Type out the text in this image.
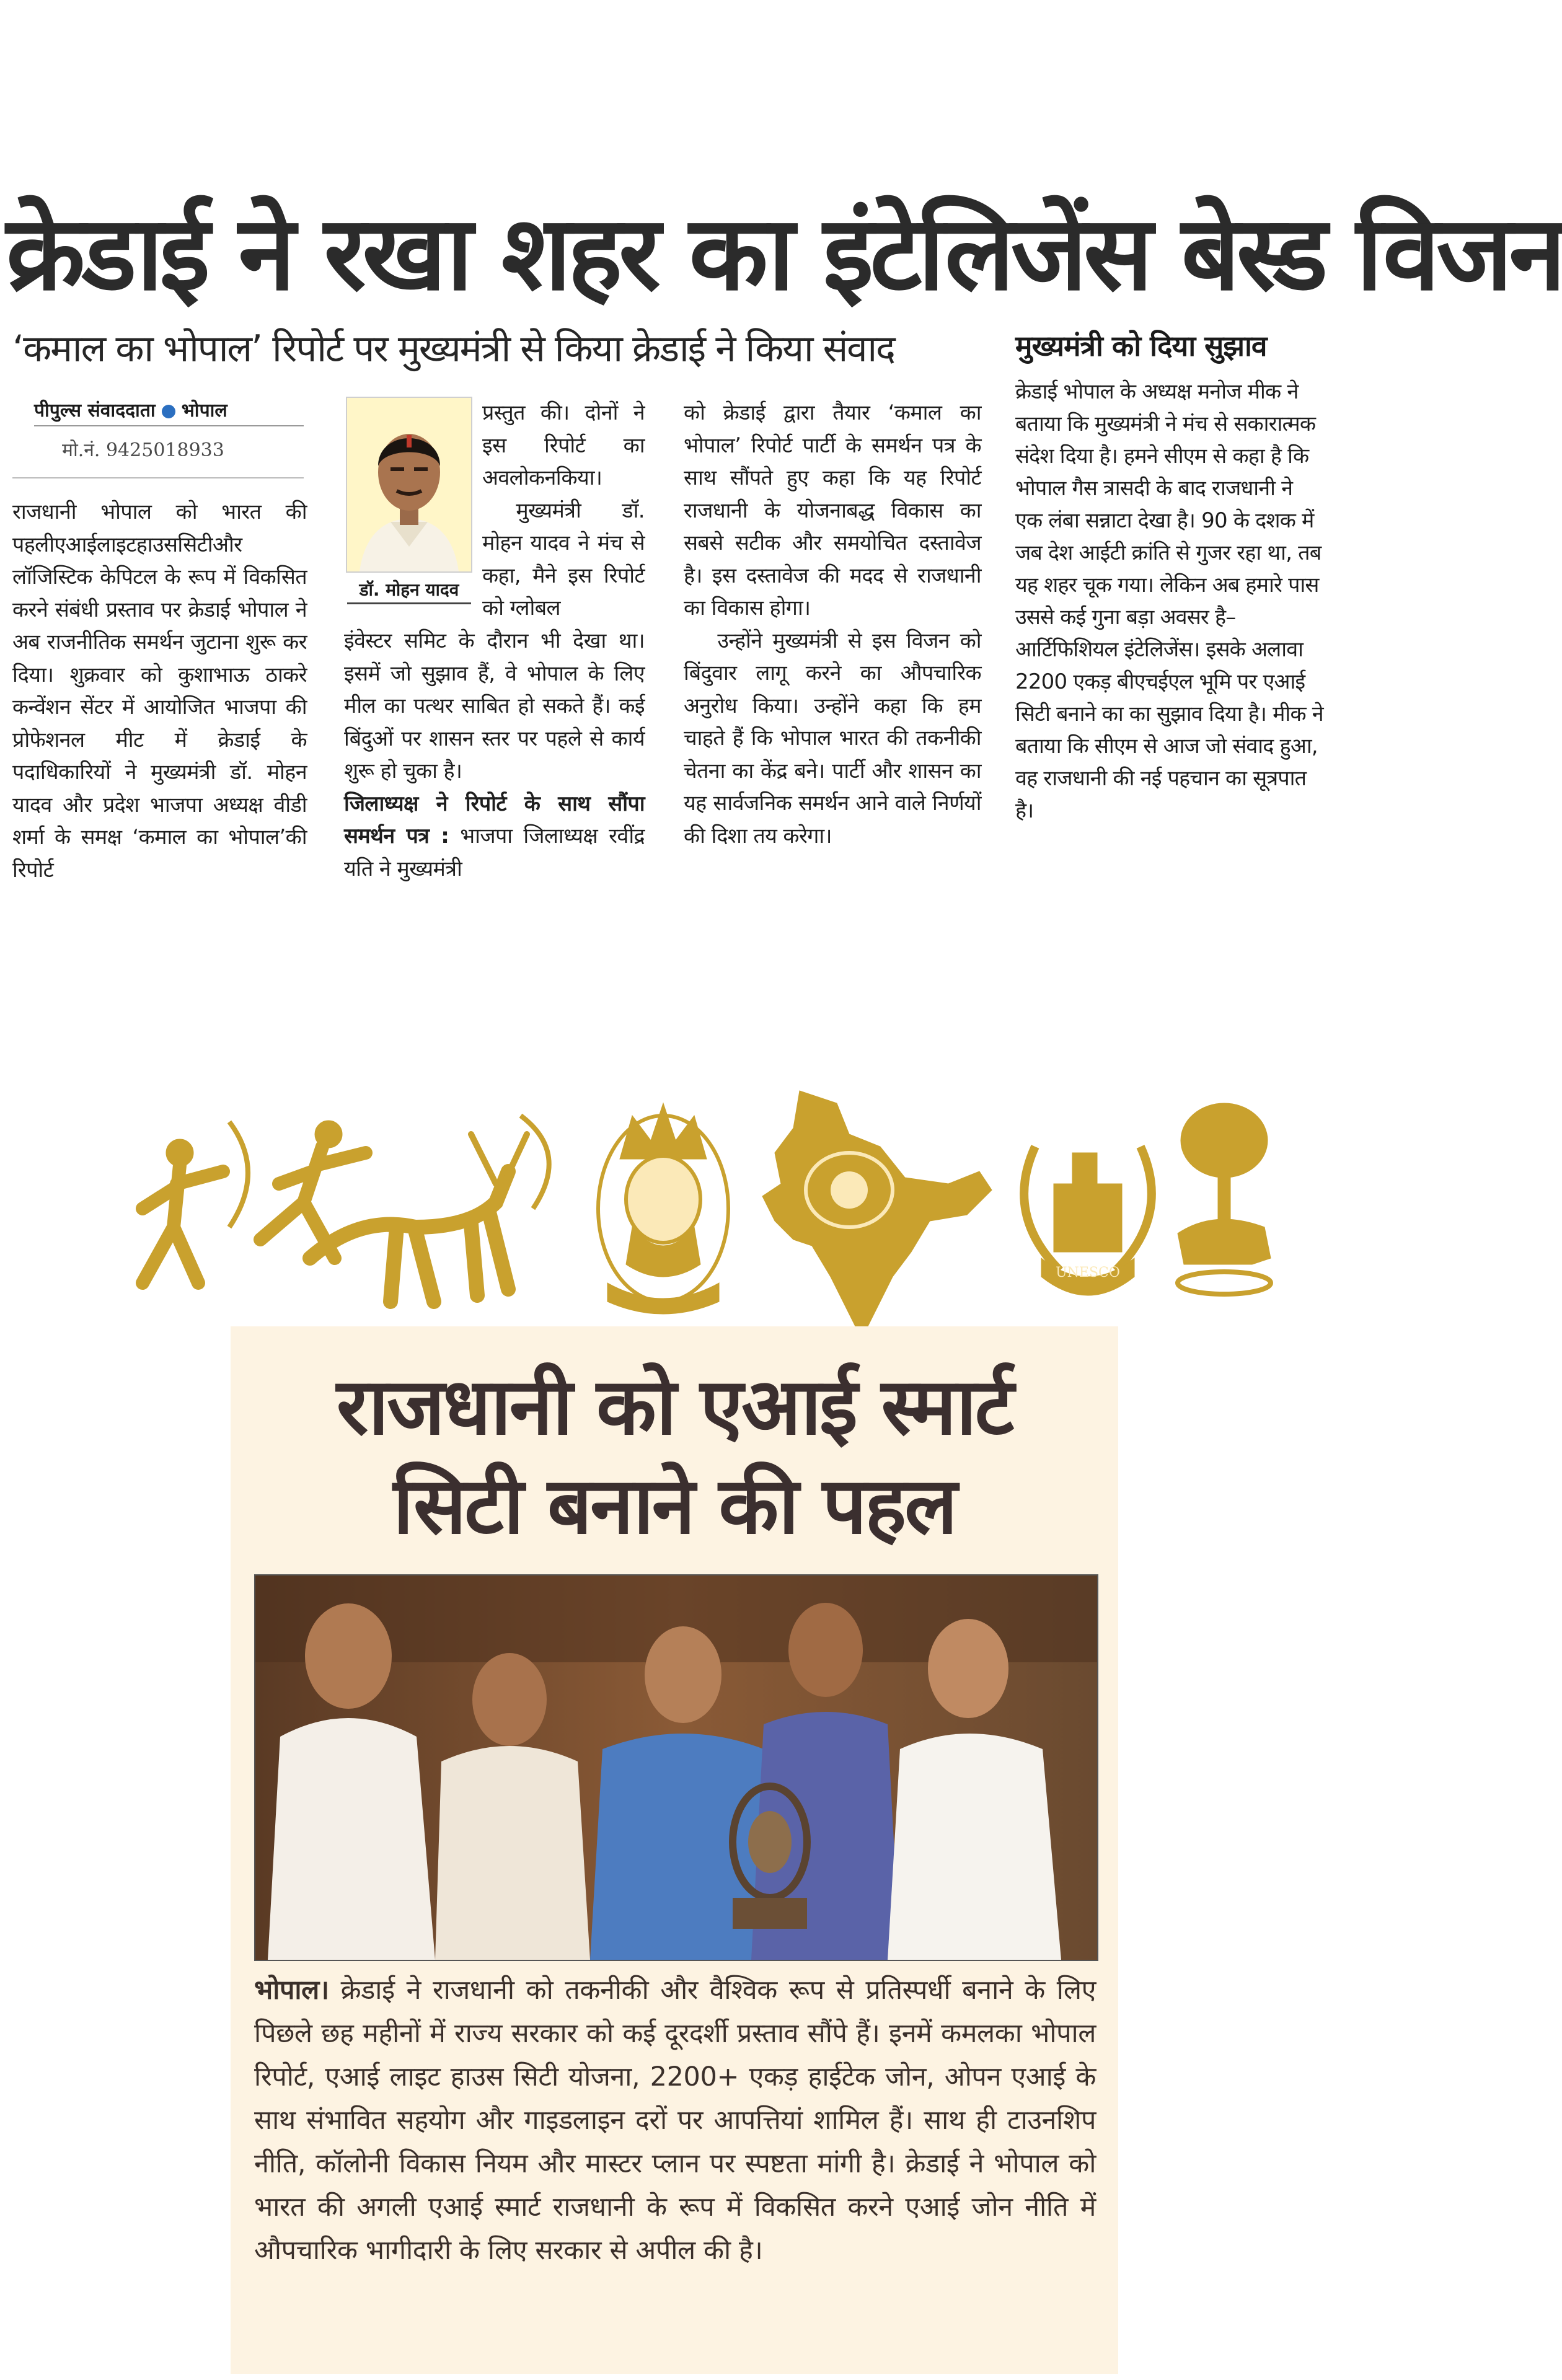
क्रेडाई ने रखा शहर का इंटेलिजेंस बेस्ड विजन
‘कमाल का भोपाल’ रिपोर्ट पर मुख्यमंत्री से किया क्रेडाई ने किया संवाद	मुख्यमंत्री को दिया सुझाव
पीपुल्स संवाददाता भोपाल
मो.नं. 9425018933

राजधानी भोपाल को भारत की पहलीएआईलाइटहाउससिटीऔर लॉजिस्टिक केपिटल के रूप में विकसित करने संबंधी प्रस्ताव पर क्रेडाई भोपाल ने अब राजनीतिक समर्थन जुटाना शुरू कर दिया। शुक्रवार को कुशाभाऊ ठाकरे कन्वेंशन सेंटर में आयोजित भाजपा की प्रोफेशनल मीट में क्रेडाई के पदाधिकारियों ने मुख्यमंत्री डॉ. मोहन यादव और प्रदेश भाजपा अध्यक्ष वीडी शर्मा के समक्ष ‘कमाल का भोपाल’की रिपोर्ट

डॉ. मोहन यादव

प्रस्तुत की। दोनों ने इस रिपोर्ट का अवलोकनकिया।

मुख्यमंत्री डॉ. मोहन यादव ने मंच से कहा, मैने इस रिपोर्ट को ग्लोबल

इंवेस्टर समिट के दौरान भी देखा था। इसमें जो सुझाव हैं, वे भोपाल के लिए मील का पत्थर साबित हो सकते हैं। कई बिंदुओं पर शासन स्तर पर पहले से कार्य शुरू हो चुका है।

जिलाध्यक्ष ने रिपोर्ट के साथ सौंपा समर्थन पत्र : भाजपा जिलाध्यक्ष रवींद्र यति ने मुख्यमंत्री

को क्रेडाई द्वारा तैयार ‘कमाल का भोपाल’ रिपोर्ट पार्टी के समर्थन पत्र के साथ सौंपते हुए कहा कि यह रिपोर्ट राजधानी के योजनाबद्ध विकास का सबसे सटीक और समयोचित दस्तावेज है। इस दस्तावेज की मदद से राजधानी का विकास होगा।

उन्होंने मुख्यमंत्री से इस विजन को बिंदुवार लागू करने का औपचारिक अनुरोध किया। उन्होंने कहा कि हम चाहते हैं कि भोपाल भारत की तकनीकी चेतना का केंद्र बने। पार्टी और शासन का यह सार्वजनिक समर्थन आने वाले निर्णयों की दिशा तय करेगा।

क्रेडाई भोपाल के अध्यक्ष मनोज मीक ने बताया कि मुख्यमंत्री ने मंच से सकारात्मक संदेश दिया है। हमने सीएम से कहा है कि भोपाल गैस त्रासदी के बाद राजधानी ने एक लंबा सन्नाटा देखा है। 90 के दशक में जब देश आईटी क्रांति से गुजर रहा था, तब यह शहर चूक गया। लेकिन अब हमारे पास उससे कई गुना बड़ा अवसर है– आर्टिफिशियल इंटेलिजेंस। इसके अलावा 2200 एकड़ बीएचईएल भूमि पर एआई सिटी बनाने का का सुझाव दिया है। मीक ने बताया कि सीएम से आज जो संवाद हुआ, वह राजधानी की नई पहचान का सूत्रपात है।

UNESCO
राजधानी को एआई स्मार्ट
सिटी बनाने की पहल
भोपाल। क्रेडाई ने राजधानी को तकनीकी और वैश्विक रूप से प्रतिस्पर्धी बनाने के लिए पिछले छह महीनों में राज्य सरकार को कई दूरदर्शी प्रस्ताव सौंपे हैं। इनमें कमलका भोपाल रिपोर्ट, एआई लाइट हाउस सिटी योजना, 2200+ एकड़ हाईटेक जोन, ओपन एआई के साथ संभावित सहयोग और गाइडलाइन दरों पर आपत्तियां शामिल हैं। साथ ही टाउनशिप नीति, कॉलोनी विकास नियम और मास्टर प्लान पर स्पष्टता मांगी है। क्रेडाई ने भोपाल को भारत की अगली एआई स्मार्ट राजधानी के रूप में विकसित करने एआई जोन नीति में औपचारिक भागीदारी के लिए सरकार से अपील की है।
